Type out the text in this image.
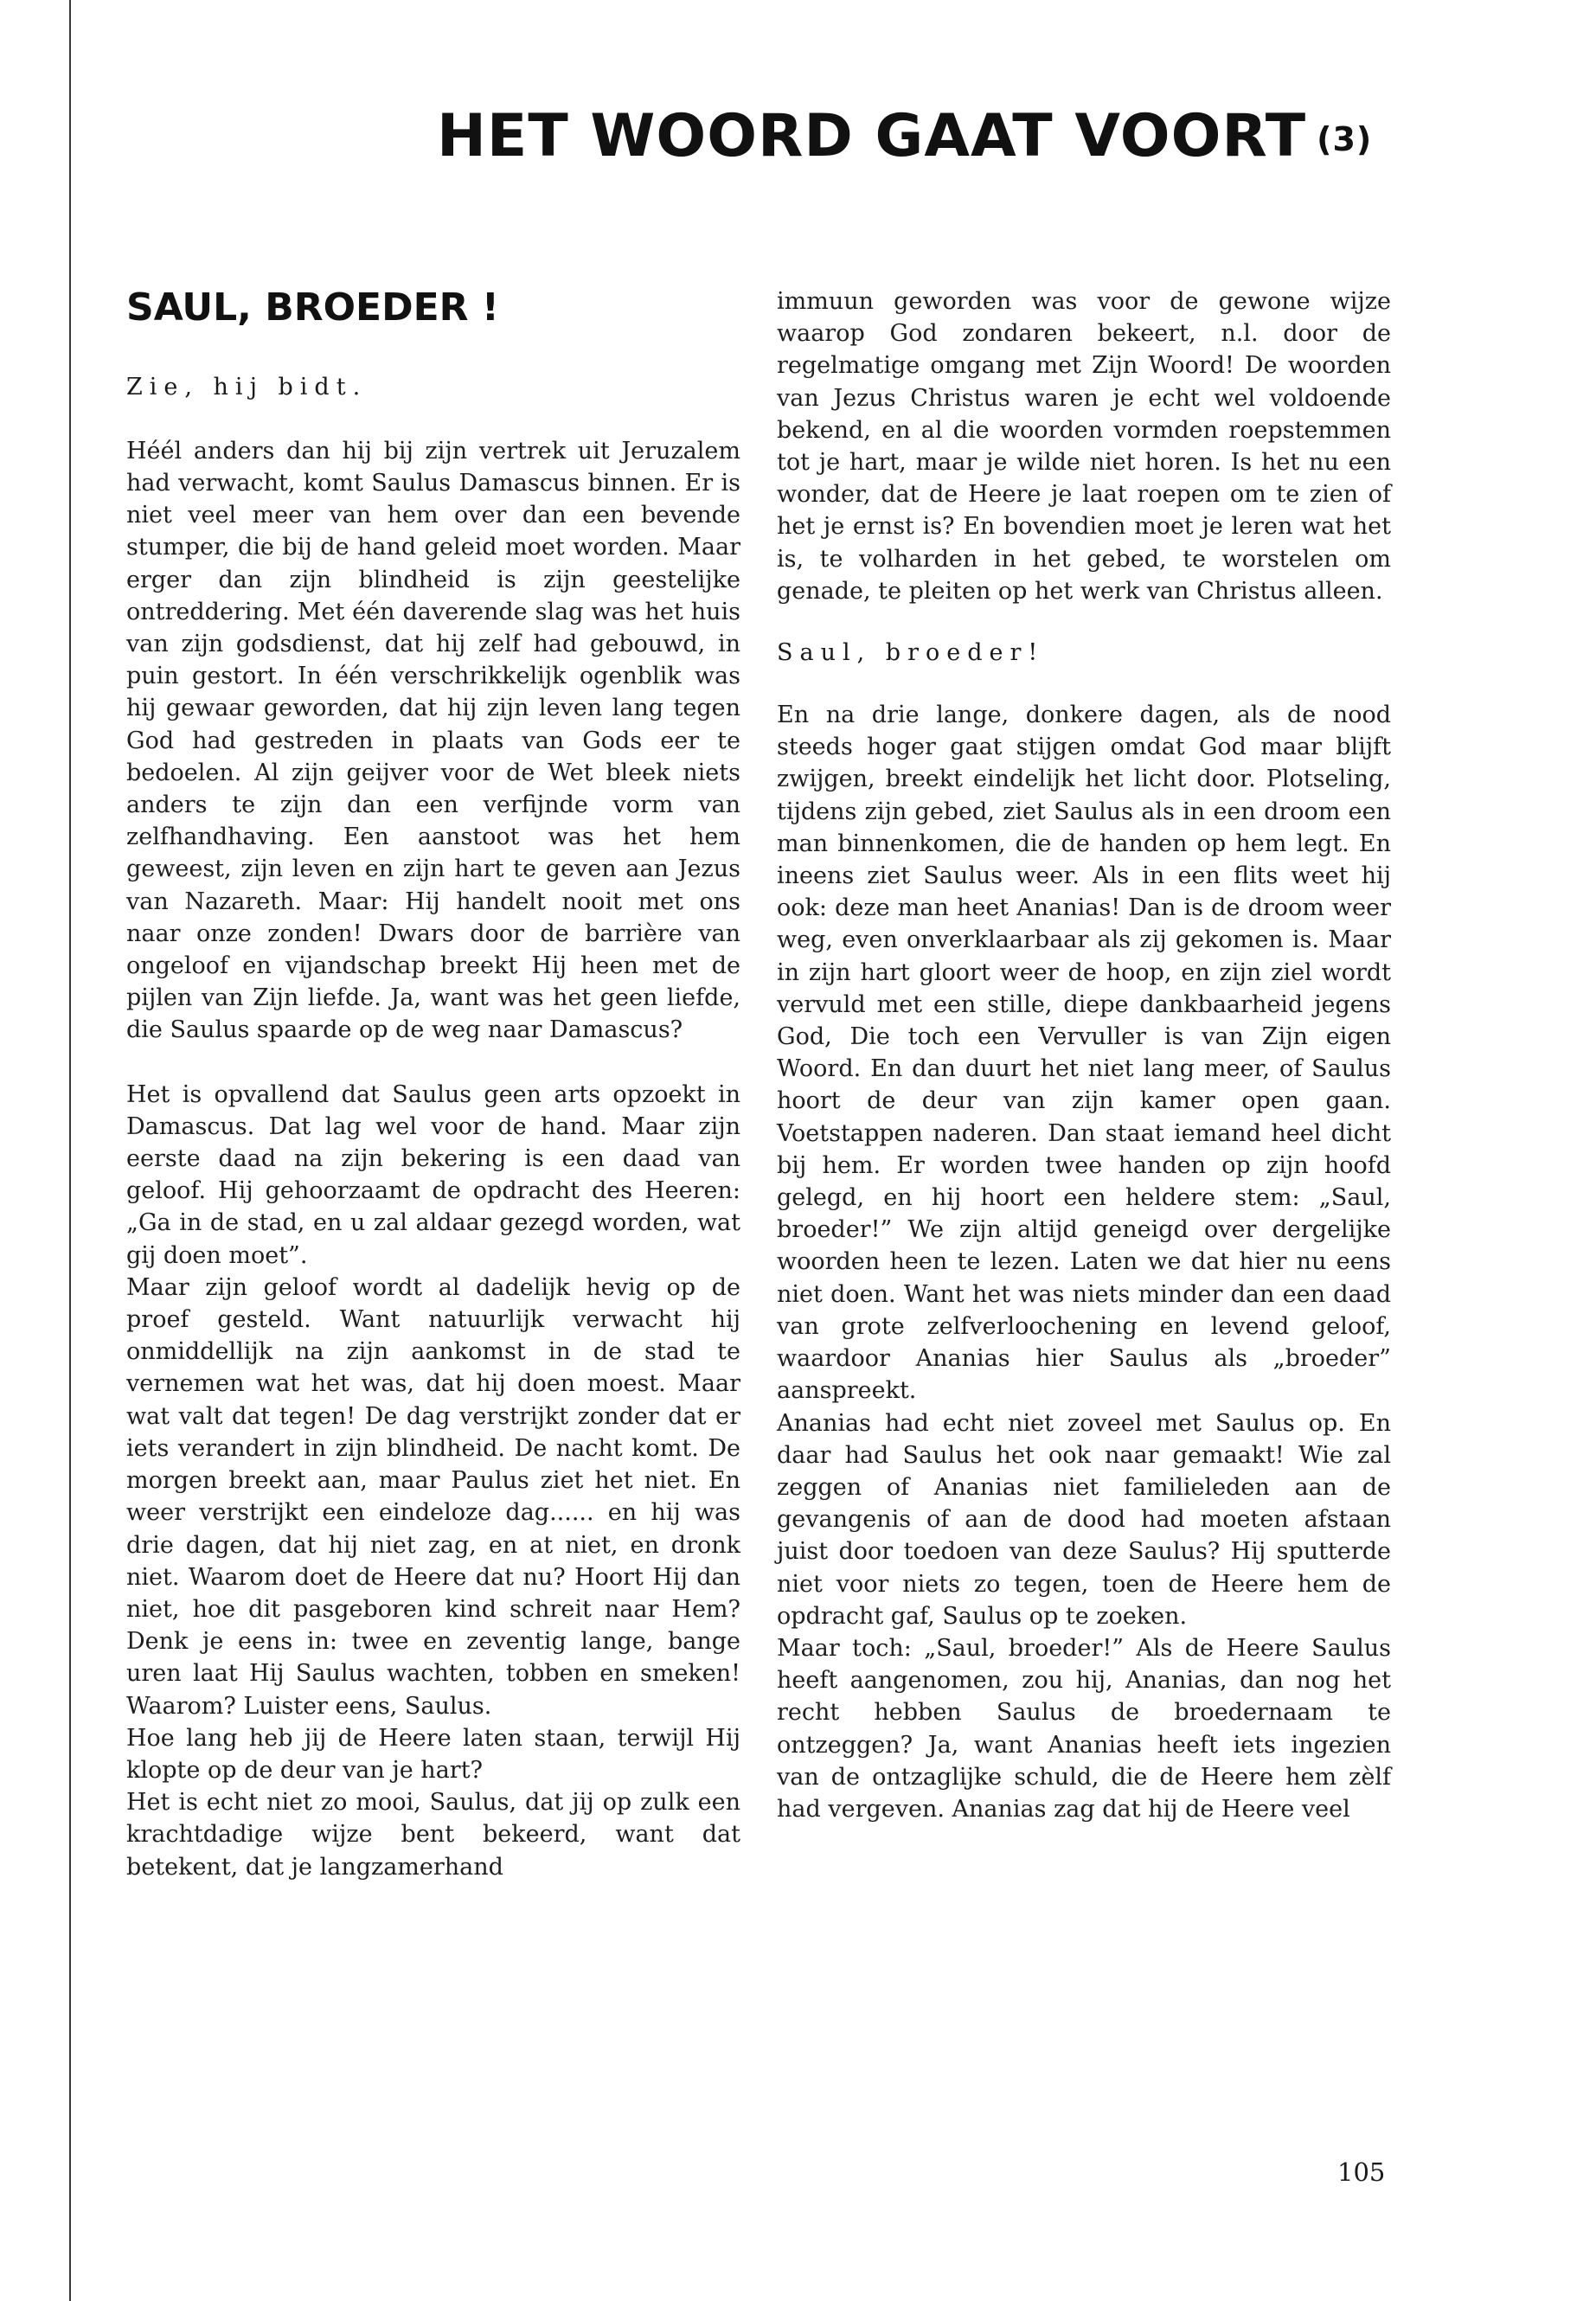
HET WOORD GAAT VOORT (3)
SAUL, BROEDER !

Zie, hij bidt.

Héél anders dan hij bij zijn vertrek uit Jeruzalem had verwacht, komt Saulus Damascus binnen. Er is niet veel meer van hem over dan een bevende stumper, die bij de hand geleid moet worden. Maar erger dan zijn blindheid is zijn geestelijke ontreddering. Met één daverende slag was het huis van zijn godsdienst, dat hij zelf had gebouwd, in puin gestort. In één verschrikkelijk ogenblik was hij gewaar geworden, dat hij zijn leven lang tegen God had gestreden in plaats van Gods eer te bedoelen. Al zijn geijver voor de Wet bleek niets anders te zijn dan een verfijnde vorm van zelfhandhaving. Een aanstoot was het hem geweest, zijn leven en zijn hart te geven aan Jezus van Nazareth. Maar: Hij handelt nooit met ons naar onze zonden! Dwars door de barrière van ongeloof en vijandschap breekt Hij heen met de pijlen van Zijn liefde. Ja, want was het geen liefde, die Saulus spaarde op de weg naar Damascus?

Het is opvallend dat Saulus geen arts opzoekt in Damascus. Dat lag wel voor de hand. Maar zijn eerste daad na zijn bekering is een daad van geloof. Hij gehoorzaamt de opdracht des Heeren: „Ga in de stad, en u zal aldaar gezegd worden, wat gij doen moet”.

Maar zijn geloof wordt al dadelijk hevig op de proef gesteld. Want natuurlijk verwacht hij onmiddellijk na zijn aankomst in de stad te vernemen wat het was, dat hij doen moest. Maar wat valt dat tegen! De dag verstrijkt zonder dat er iets verandert in zijn blindheid. De nacht komt. De morgen breekt aan, maar Paulus ziet het niet. En weer verstrijkt een eindeloze dag...... en hij was drie dagen, dat hij niet zag, en at niet, en dronk niet. Waarom doet de Heere dat nu? Hoort Hij dan niet, hoe dit pasgeboren kind schreit naar Hem? Denk je eens in: twee en zeventig lange, bange uren laat Hij Saulus wachten, tobben en smeken! Waarom? Luister eens, Saulus.

Hoe lang heb jij de Heere laten staan, terwijl Hij klopte op de deur van je hart?

Het is echt niet zo mooi, Saulus, dat jij op zulk een krachtdadige wijze bent bekeerd, want dat betekent, dat je langzamerhand

immuun geworden was voor de gewone wijze waarop God zondaren bekeert, n.l. door de regelmatige omgang met Zijn Woord! De woorden van Jezus Christus waren je echt wel voldoende bekend, en al die woorden vormden roepstemmen tot je hart, maar je wilde niet horen. Is het nu een wonder, dat de Heere je laat roepen om te zien of het je ernst is? En bovendien moet je leren wat het is, te volharden in het gebed, te worstelen om genade, te pleiten op het werk van Christus alleen.

Saul, broeder!

En na drie lange, donkere dagen, als de nood steeds hoger gaat stijgen omdat God maar blijft zwijgen, breekt eindelijk het licht door. Plotseling, tijdens zijn gebed, ziet Saulus als in een droom een man binnenkomen, die de handen op hem legt. En ineens ziet Saulus weer. Als in een flits weet hij ook: deze man heet Ananias! Dan is de droom weer weg, even onverklaarbaar als zij gekomen is. Maar in zijn hart gloort weer de hoop, en zijn ziel wordt vervuld met een stille, diepe dankbaarheid jegens God, Die toch een Vervuller is van Zijn eigen Woord. En dan duurt het niet lang meer, of Saulus hoort de deur van zijn kamer open gaan. Voetstappen naderen. Dan staat iemand heel dicht bij hem. Er worden twee handen op zijn hoofd gelegd, en hij hoort een heldere stem: „Saul, broeder!” We zijn altijd geneigd over dergelijke woorden heen te lezen. Laten we dat hier nu eens niet doen. Want het was niets minder dan een daad van grote zelfverloochening en levend geloof, waardoor Ananias hier Saulus als „broeder” aanspreekt.

Ananias had echt niet zoveel met Saulus op. En daar had Saulus het ook naar gemaakt! Wie zal zeggen of Ananias niet familieleden aan de gevangenis of aan de dood had moeten afstaan juist door toedoen van deze Saulus? Hij sputterde niet voor niets zo tegen, toen de Heere hem de opdracht gaf, Saulus op te zoeken.

Maar toch: „Saul, broeder!” Als de Heere Saulus heeft aangenomen, zou hij, Ananias, dan nog het recht hebben Saulus de broedernaam te ontzeggen? Ja, want Ananias heeft iets ingezien van de ontzaglijke schuld, die de Heere hem zèlf had vergeven. Ananias zag dat hij de Heere veel

105
